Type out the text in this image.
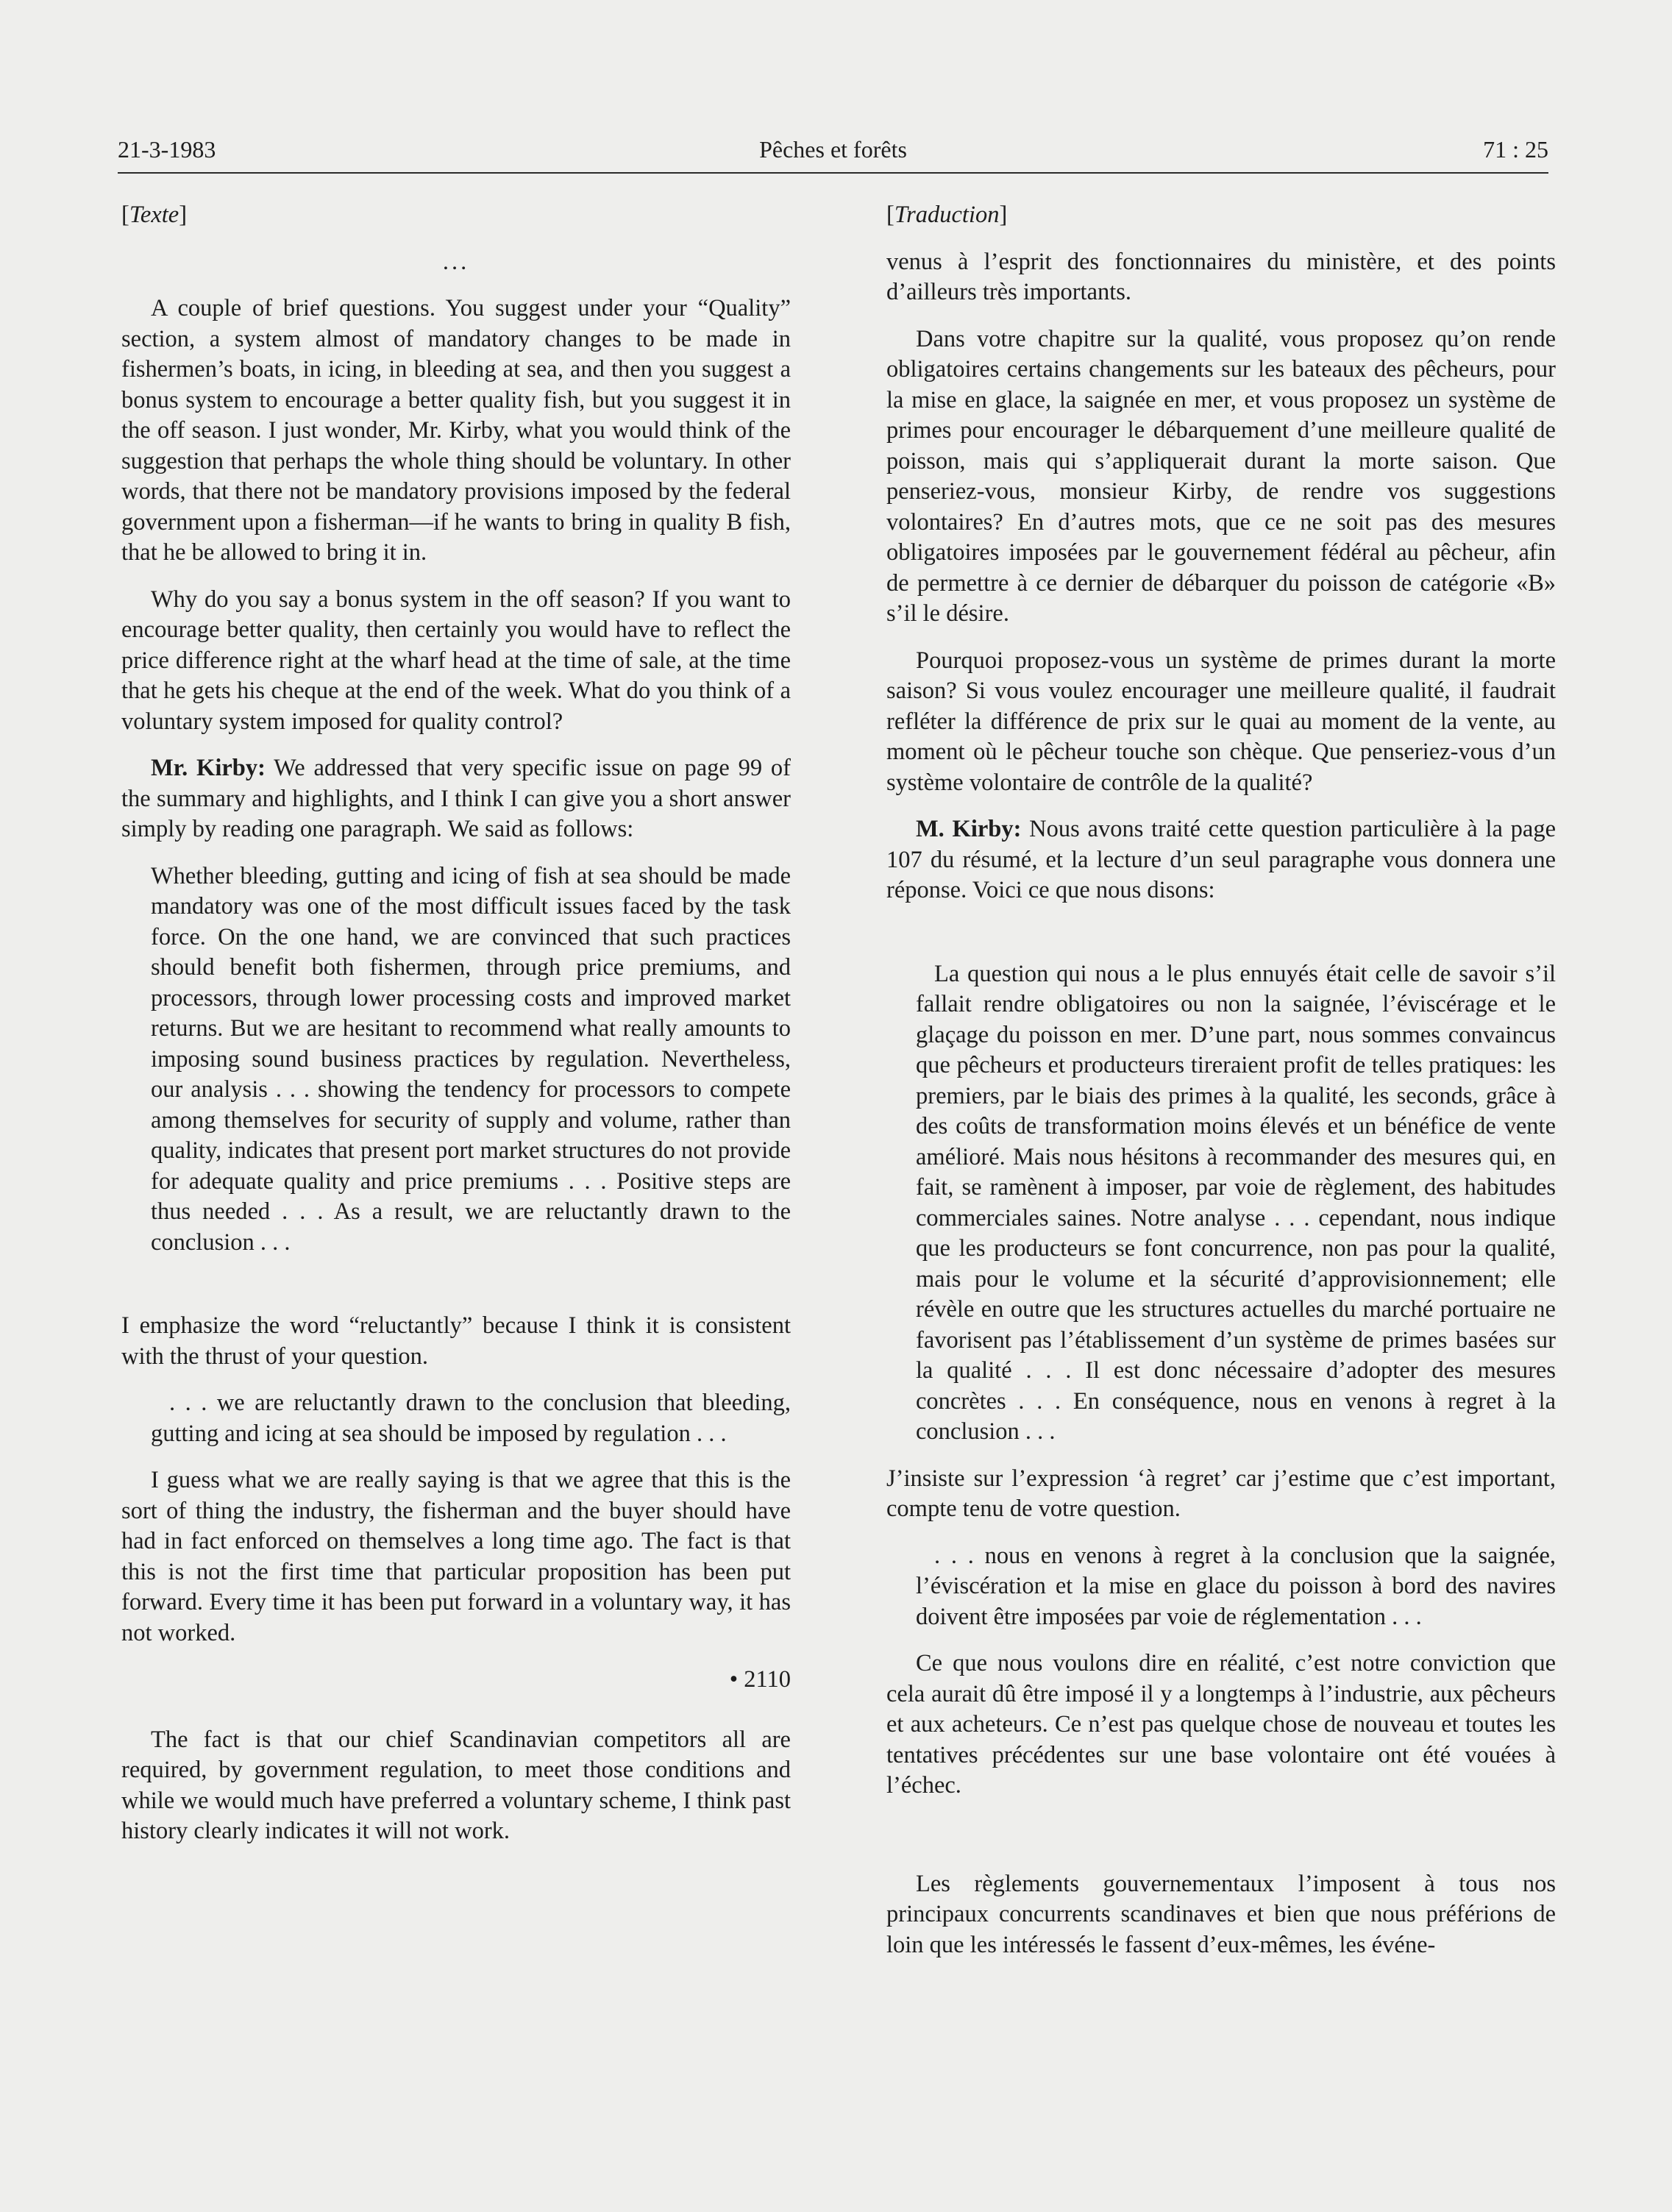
21-3-1983	Pêches et forêts	71 : 25

[Texte]

...

A couple of brief questions. You suggest under your “Quality” section, a system almost of mandatory changes to be made in fishermen’s boats, in icing, in bleeding at sea, and then you suggest a bonus system to encourage a better quality fish, but you suggest it in the off season. I just wonder, Mr. Kirby, what you would think of the suggestion that perhaps the whole thing should be voluntary. In other words, that there not be mandatory provisions imposed by the federal government upon a fisherman—if he wants to bring in quality B fish, that he be allowed to bring it in.

Why do you say a bonus system in the off season? If you want to encourage better quality, then certainly you would have to reflect the price difference right at the wharf head at the time of sale, at the time that he gets his cheque at the end of the week. What do you think of a voluntary system imposed for quality control?

Mr. Kirby: We addressed that very specific issue on page 99 of the summary and highlights, and I think I can give you a short answer simply by reading one paragraph. We said as follows:

Whether bleeding, gutting and icing of fish at sea should be made mandatory was one of the most difficult issues faced by the task force. On the one hand, we are convinced that such practices should benefit both fishermen, through price premiums, and processors, through lower processing costs and improved market returns. But we are hesitant to recommend what really amounts to imposing sound business practices by regulation. Nevertheless, our analysis . . . showing the tendency for processors to compete among themselves for security of supply and volume, rather than quality, indicates that present port market structures do not provide for adequate quality and price premiums . . . Positive steps are thus needed . . . As a result, we are reluctantly drawn to the conclusion . . .

I emphasize the word “reluctantly” because I think it is consistent with the thrust of your question.

. . . we are reluctantly drawn to the conclusion that bleeding, gutting and icing at sea should be imposed by regulation . . .

I guess what we are really saying is that we agree that this is the sort of thing the industry, the fisherman and the buyer should have had in fact enforced on themselves a long time ago. The fact is that this is not the first time that particular proposition has been put forward. Every time it has been put forward in a voluntary way, it has not worked.

• 2110

The fact is that our chief Scandinavian competitors all are required, by government regulation, to meet those conditions and while we would much have preferred a voluntary scheme, I think past history clearly indicates it will not work.

[Traduction]

venus à l’esprit des fonctionnaires du ministère, et des points d’ailleurs très importants.

Dans votre chapitre sur la qualité, vous proposez qu’on rende obligatoires certains changements sur les bateaux des pêcheurs, pour la mise en glace, la saignée en mer, et vous proposez un système de primes pour encourager le débarquement d’une meilleure qualité de poisson, mais qui s’appliquerait durant la morte saison. Que penseriez-vous, monsieur Kirby, de rendre vos suggestions volontaires? En d’autres mots, que ce ne soit pas des mesures obligatoires imposées par le gouvernement fédéral au pêcheur, afin de permettre à ce dernier de débarquer du poisson de catégorie «B» s’il le désire.

Pourquoi proposez-vous un système de primes durant la morte saison? Si vous voulez encourager une meilleure qualité, il faudrait refléter la différence de prix sur le quai au moment de la vente, au moment où le pêcheur touche son chèque. Que penseriez-vous d’un système volontaire de contrôle de la qualité?

M. Kirby: Nous avons traité cette question particulière à la page 107 du résumé, et la lecture d’un seul paragraphe vous donnera une réponse. Voici ce que nous disons:

La question qui nous a le plus ennuyés était celle de savoir s’il fallait rendre obligatoires ou non la saignée, l’éviscérage et le glaçage du poisson en mer. D’une part, nous sommes convaincus que pêcheurs et producteurs tireraient profit de telles pratiques: les premiers, par le biais des primes à la qualité, les seconds, grâce à des coûts de transformation moins élevés et un bénéfice de vente amélioré. Mais nous hésitons à recommander des mesures qui, en fait, se ramènent à imposer, par voie de règlement, des habitudes commerciales saines. Notre analyse . . . cependant, nous indique que les producteurs se font concurrence, non pas pour la qualité, mais pour le volume et la sécurité d’approvisionnement; elle révèle en outre que les structures actuelles du marché portuaire ne favorisent pas l’établissement d’un système de primes basées sur la qualité . . . Il est donc nécessaire d’adopter des mesures concrètes . . . En conséquence, nous en venons à regret à la conclusion . . .

J’insiste sur l’expression ‘à regret’ car j’estime que c’est important, compte tenu de votre question.

. . . nous en venons à regret à la conclusion que la saignée, l’éviscération et la mise en glace du poisson à bord des navires doivent être imposées par voie de réglementation . . .

Ce que nous voulons dire en réalité, c’est notre conviction que cela aurait dû être imposé il y a longtemps à l’industrie, aux pêcheurs et aux acheteurs. Ce n’est pas quelque chose de nouveau et toutes les tentatives précédentes sur une base volontaire ont été vouées à l’échec.

Les règlements gouvernementaux l’imposent à tous nos principaux concurrents scandinaves et bien que nous préférions de loin que les intéressés le fassent d’eux-mêmes, les événe-
